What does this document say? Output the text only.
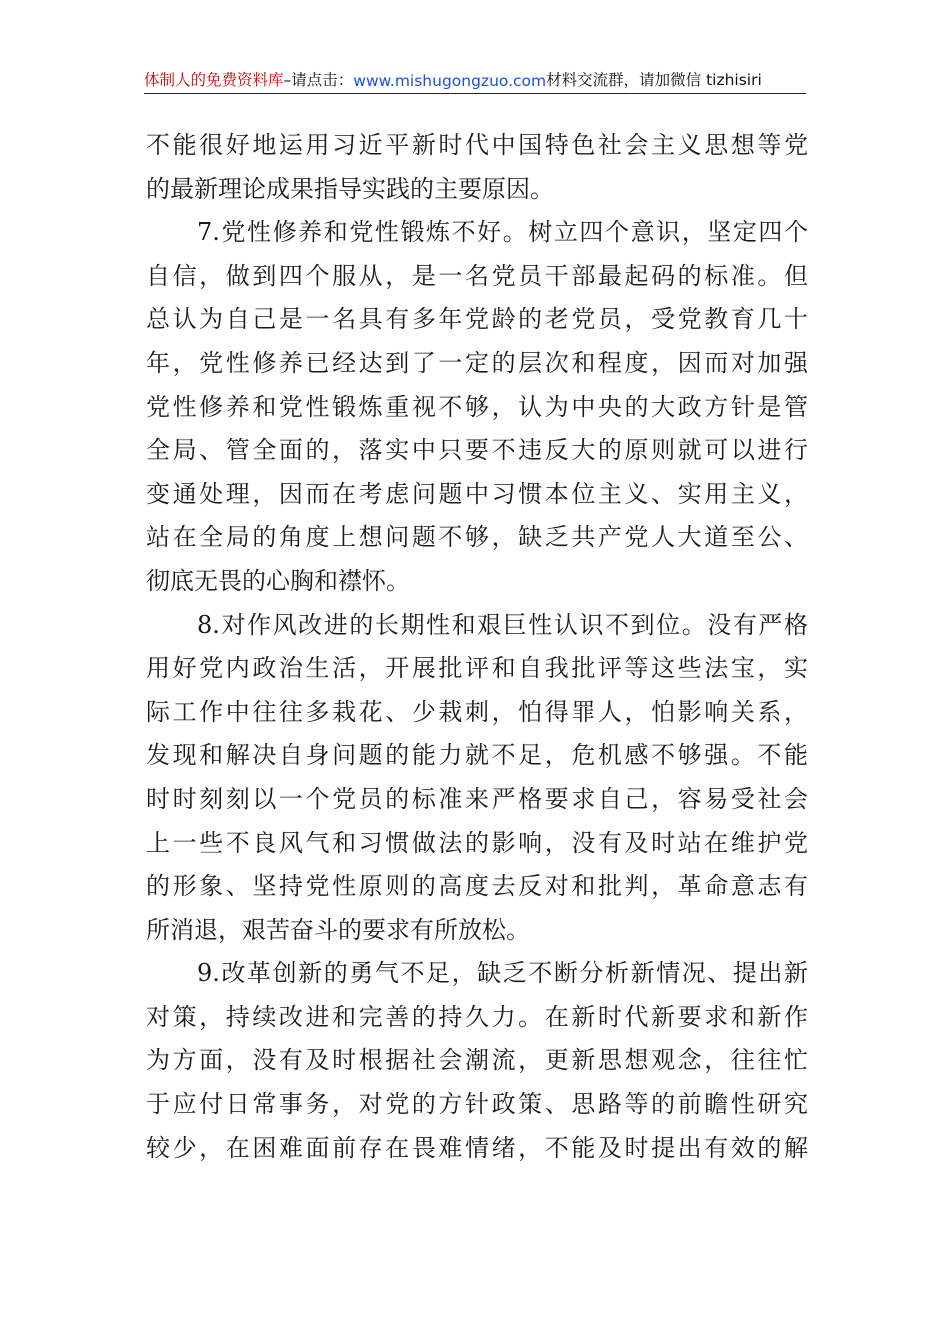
体制人的免费资料库 –请点击： www.mishugongzuo.com 材料交流群，请加微信 tizhisiri
不能很好地运用习近平新时代中国特色社会主义思想等党
的最新理论成果指导实践的主要原因。
7.党性修养和党性锻炼不好。树立四个意识，坚定四个
自信，做到四个服从，是一名党员干部最起码的标准。但
总认为自己是一名具有多年党龄的老党员，受党教育几十
年，党性修养已经达到了一定的层次和程度，因而对加强
党性修养和党性锻炼重视不够，认为中央的大政方针是管
全局、管全面的，落实中只要不违反大的原则就可以进行
变通处理，因而在考虑问题中习惯本位主义、实用主义，
站在全局的角度上想问题不够，缺乏共产党人大道至公、
彻底无畏的心胸和襟怀。
8.对作风改进的长期性和艰巨性认识不到位。没有严格
用好党内政治生活，开展批评和自我批评等这些法宝，实
际工作中往往多栽花、少栽刺，怕得罪人，怕影响关系，
发现和解决自身问题的能力就不足，危机感不够强。不能
时时刻刻以一个党员的标准来严格要求自己，容易受社会
上一些不良风气和习惯做法的影响，没有及时站在维护党
的形象、坚持党性原则的高度去反对和批判，革命意志有
所消退，艰苦奋斗的要求有所放松。
9.改革创新的勇气不足，缺乏不断分析新情况、提出新
对策，持续改进和完善的持久力。在新时代新要求和新作
为方面，没有及时根据社会潮流，更新思想观念，往往忙
于应付日常事务，对党的方针政策、思路等的前瞻性研究
较少，在困难面前存在畏难情绪，不能及时提出有效的解
